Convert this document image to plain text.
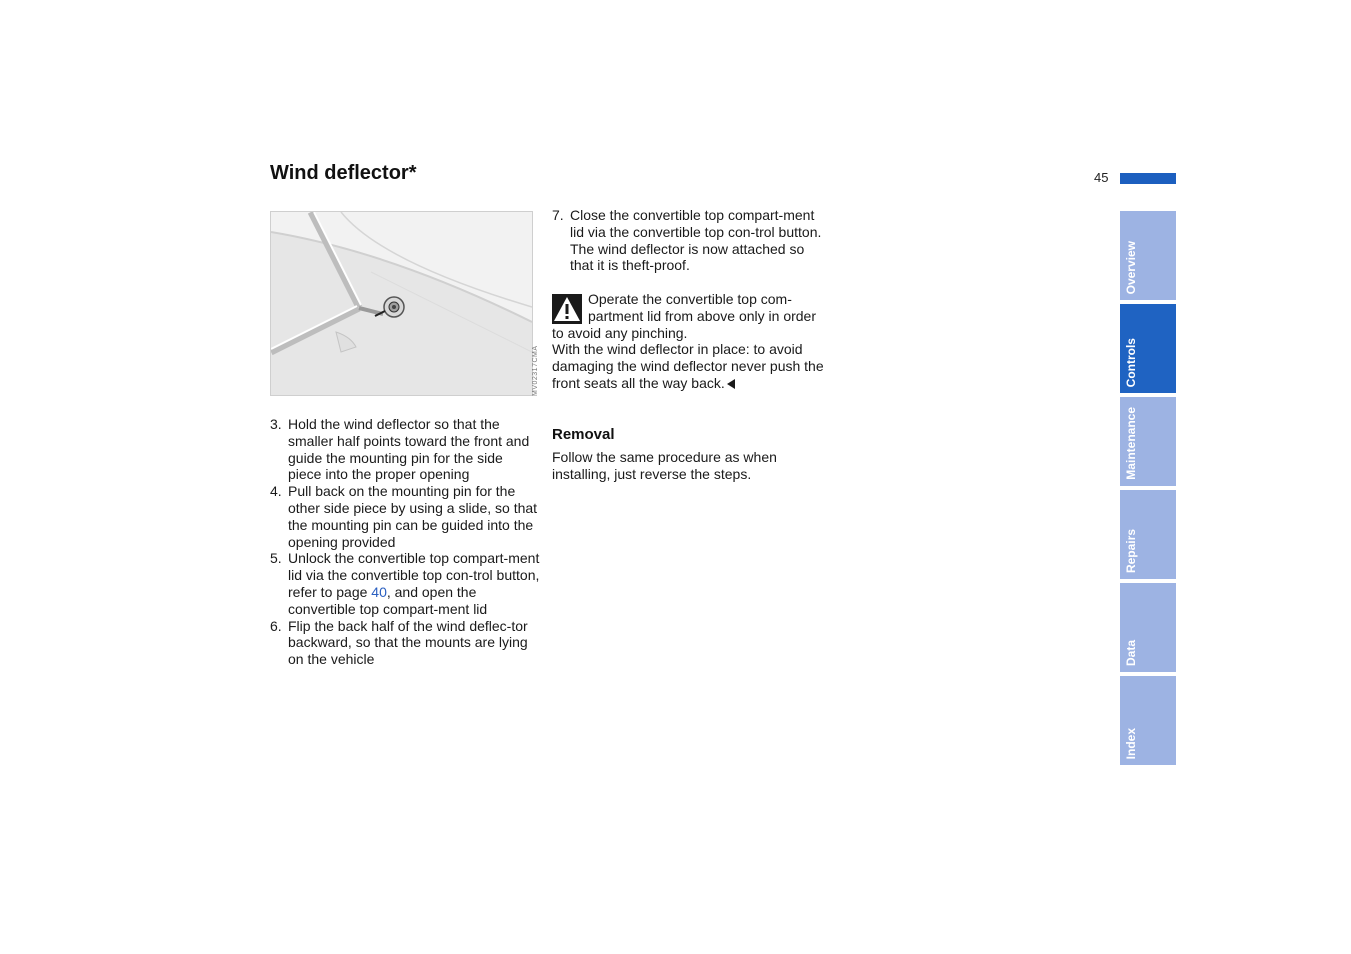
Wind deflector*	45
MV02317CMA
3. Hold the wind deflector so that the smaller half points toward the front and guide the mounting pin for the side piece into the proper opening
4. Pull back on the mounting pin for the other side piece by using a slide, so that the mounting pin can be guided into the opening provided
5. Unlock the convertible top compart-ment lid via the convertible top con-trol button, refer to page 40, and open the convertible top compart-ment lid
6. Flip the back half of the wind deflec-tor backward, so that the mounts are lying on the vehicle
7. Close the convertible top compart-ment lid via the convertible top con-trol button. The wind deflector is now attached so that it is theft-proof.
Operate the convertible top com-partment lid from above only in order to avoid any pinching.
With the wind deflector in place: to avoid damaging the wind deflector never push the front seats all the way back.
Removal
Follow the same procedure as when installing, just reverse the steps.
Overview
Controls
Maintenance
Repairs
Data
Index
